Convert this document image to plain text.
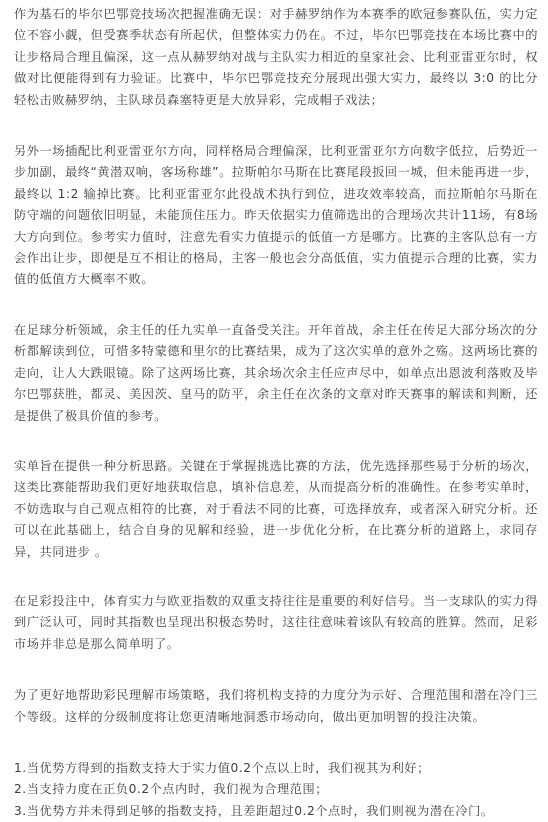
作为基石的毕尔巴鄂竞技场次把握准确无误：对手赫罗纳作为本赛季的欧冠参赛队伍，实力定位不容小觑，但受赛季状态有所起伏，但整体实力仍在。不过，毕尔巴鄂竞技在本场比赛中的让步格局合理且偏深，这一点从赫罗纳对战与主队实力相近的皇家社会、比利亚雷亚尔时，权做对比便能得到有力验证。比赛中，毕尔巴鄂竞技充分展现出强大实力，最终以 3:0 的比分轻松击败赫罗纳，主队球员森塞特更是大放异彩，完成帽子戏法；

另外一场插配比利亚雷亚尔方向，同样格局合理偏深，比利亚雷亚尔方向数字低拉，后势近一步加副，最终“黄潜双响，客场称雄”。拉斯帕尔马斯在比赛尾段扳回一城，但未能再进一步，最终以 1:2 输掉比赛。比利亚雷亚尔此役战术执行到位，进攻效率较高，而拉斯帕尔马斯在防守端的问题依旧明显，未能顶住压力。昨天依据实力值筛选出的合理场次共计11场，有8场大方向到位。参考实力值时，注意先看实力值提示的低值一方是哪方。比赛的主客队总有一方会作出让步，即便是互不相让的格局，主客一般也会分高低值，实力值提示合理的比赛，实力值的低值方大概率不败。

在足球分析领域，余主任的任九实单一直备受关注。开年首战，余主任在传足大部分场次的分析都解读到位，可惜多特蒙德和里尔的比赛结果，成为了这次实单的意外之殇。这两场比赛的走向，让人大跌眼镜。除了这两场比赛，其余场次余主任应声尽中，如单点出恩波利落败及毕尔巴鄂获胜，都灵、美因茨、皇马的防平，余主任在次条的文章对昨天赛事的解读和判断，还是提供了极具价值的参考。

实单旨在提供一种分析思路。关键在于掌握挑选比赛的方法，优先选择那些易于分析的场次，这类比赛能帮助我们更好地获取信息，填补信息差，从而提高分析的准确性。在参考实单时，不妨选取与自己观点相符的比赛，对于看法不同的比赛，可选择放弃，或者深入研究分析。还可以在此基础上，结合自身的见解和经验，进一步优化分析，在比赛分析的道路上，求同存异，共同进步 。

在足彩投注中，体育实力与欧亚指数的双重支持往往是重要的利好信号。当一支球队的实力得到广泛认可，同时其指数也呈现出积极态势时，这往往意味着该队有较高的胜算。然而，足彩市场并非总是那么简单明了。

为了更好地帮助彩民理解市场策略，我们将机构支持的力度分为示好、合理范围和潜在冷门三个等级。这样的分级制度将让您更清晰地洞悉市场动向，做出更加明智的投注决策。

1.当优势方得到的指数支持大于实力值0.2个点以上时，我们视其为利好；

2.当支持力度在正负0.2个点内时，我们视为合理范围；

3.当优势方并未得到足够的指数支持，且差距超过0.2个点时，我们则视为潜在冷门。
